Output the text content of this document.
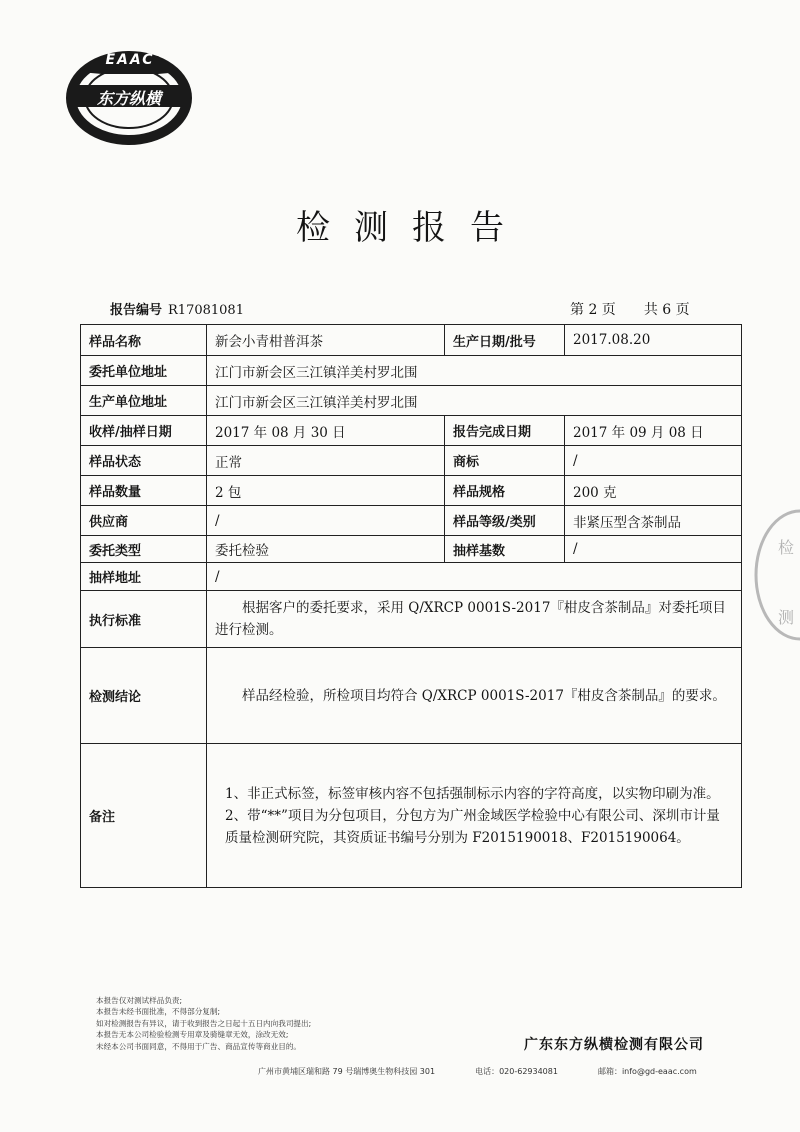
EAAC
东方纵横
检测报告
报告编号 R17081081	第 2 页 共 6 页
样品名称	新会小青柑普洱茶	生产日期/批号	2017.08.20
委托单位地址	江门市新会区三江镇洋美村罗北围		
生产单位地址	江门市新会区三江镇洋美村罗北围		
收样/抽样日期	2017 年 08 月 30 日	报告完成日期	2017 年 09 月 08 日
样品状态	正常	商标	/
样品数量	2 包	样品规格	200 克
供应商	/	样品等级/类别	非紧压型含茶制品
委托类型	委托检验	抽样基数	/
抽样地址	/		
执行标准	根据客户的委托要求，采用 Q/XRCP 0001S-2017『柑皮含茶制品』对委托项目进行检测。		

检测结论	样品经检验，所检项目均符合 Q/XRCP 0001S-2017『柑皮含茶制品』的要求。		

备注	1、非正式标签，标签审核内容不包括强制标示内容的字符高度，以实物印刷为准。
2、带“**”项目为分包项目，分包方为广州金域医学检验中心有限公司、深圳市计量质量检测研究院，其资质证书编号分别为 F2015190018、F2015190064。		
检
测
本报告仅对测试样品负责;
本报告未经书面批准，不得部分复制;
如对检测报告有异议，请于收到报告之日起十五日内向我司提出;
本报告无本公司检验检测专用章及骑缝章无效，涂改无效;
未经本公司书面同意，不得用于广告、商品宣传等商业目的。	广东东方纵横检测有限公司
广州市黄埔区瑞和路 79 号瑞博奥生物科技园 301	电话：020-62934081	邮箱：info@gd-eaac.com
